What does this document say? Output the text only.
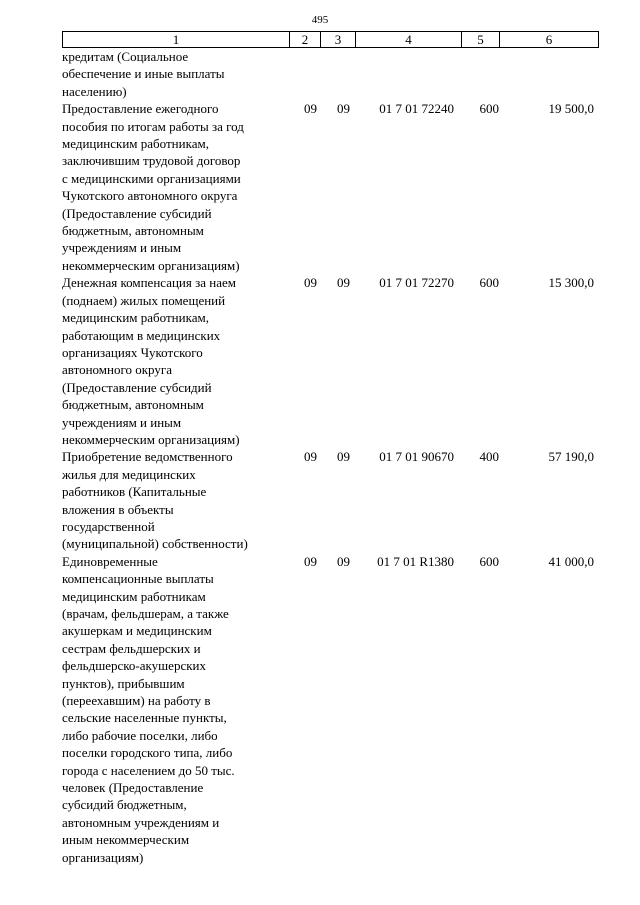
495
1	2	3	4	5	6
кредитам (Социальное
обеспечение и иные выплаты
населению)
Предоставление ежегодного
пособия по итогам работы за год
медицинским работникам,
заключившим трудовой договор
с медицинскими организациями
Чукотского автономного округа
(Предоставление субсидий
бюджетным, автономным
учреждениям и иным
некоммерческим организациям)
09	09	01 7 01 72240	600	19 500,0
Денежная компенсация за наем
(поднаем) жилых помещений
медицинским работникам,
работающим в медицинских
организациях Чукотского
автономного округа
(Предоставление субсидий
бюджетным, автономным
учреждениям и иным
некоммерческим организациям)
09	09	01 7 01 72270	600	15 300,0
Приобретение ведомственного
жилья для медицинских
работников (Капитальные
вложения в объекты
государственной
(муниципальной) собственности)
09	09	01 7 01 90670	400	57 190,0
Единовременные
компенсационные выплаты
медицинским работникам
(врачам, фельдшерам, а также
акушеркам и медицинским
сестрам фельдшерских и
фельдшерско-акушерских
пунктов), прибывшим
(переехавшим) на работу в
сельские населенные пункты,
либо рабочие поселки, либо
поселки городского типа, либо
города с населением до 50 тыс.
человек (Предоставление
субсидий бюджетным,
автономным учреждениям и
иным некоммерческим
организациям)
09	09	01 7 01 R1380	600	41 000,0
